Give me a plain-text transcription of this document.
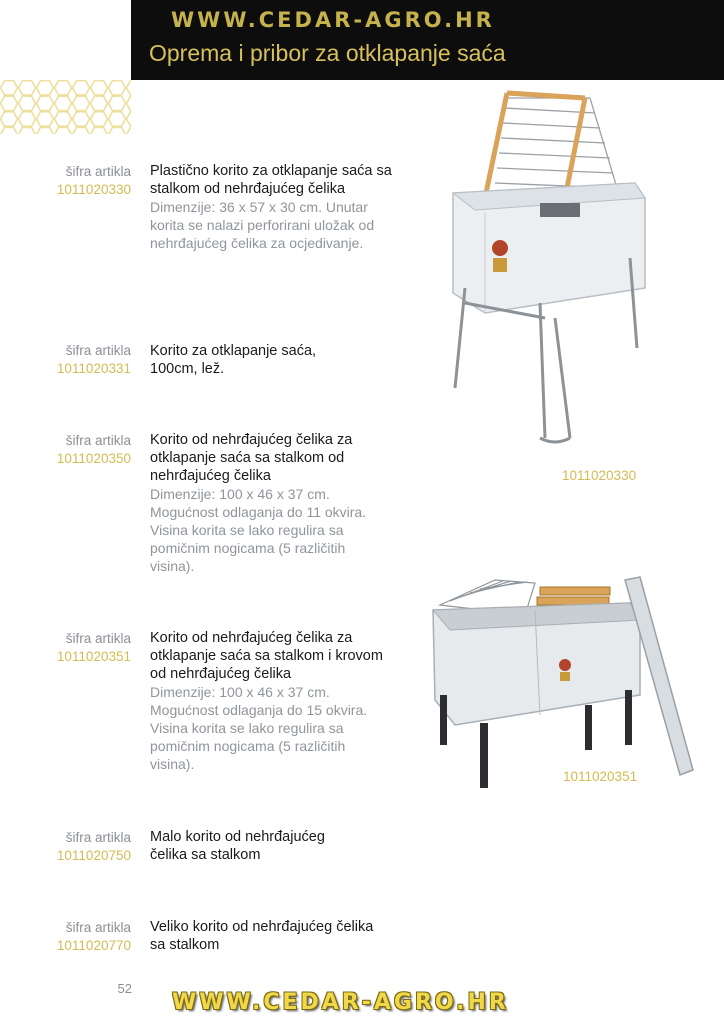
WWW.CEDAR-AGRO.HR
Oprema i pribor za otklapanje saća
šifra artikla
1011020330
Plastično korito za otklapanje saća sa stalkom od nehrđajućeg čelika
Dimenzije: 36 x 57 x 30 cm. Unutar korita se nalazi perforirani uložak od nehrđajućeg čelika za ocjedivanje.
šifra artikla
1011020331
Korito za otklapanje saća, 100cm, lež.
šifra artikla
1011020350
Korito od nehrđajućeg čelika za otklapanje saća sa stalkom od nehrđajućeg čelika
Dimenzije: 100 x 46 x 37 cm. Mogućnost odlaganja do 11 okvira. Visina korita se lako regulira sa pomičnim nogicama (5 različitih visina).
šifra artikla
1011020351
Korito od nehrđajućeg čelika za otklapanje saća sa stalkom i krovom od nehrđajućeg čelika
Dimenzije: 100 x 46 x 37 cm. Mogućnost odlaganja do 15 okvira. Visina korita se lako regulira sa pomičnim nogicama (5 različitih visina).
šifra artikla
1011020750
Malo korito od nehrđajućeg čelika sa stalkom
šifra artikla
1011020770
Veliko korito od nehrđajućeg čelika sa stalkom
1011020330
1011020351
52
WWW.CEDAR-AGRO.HR
